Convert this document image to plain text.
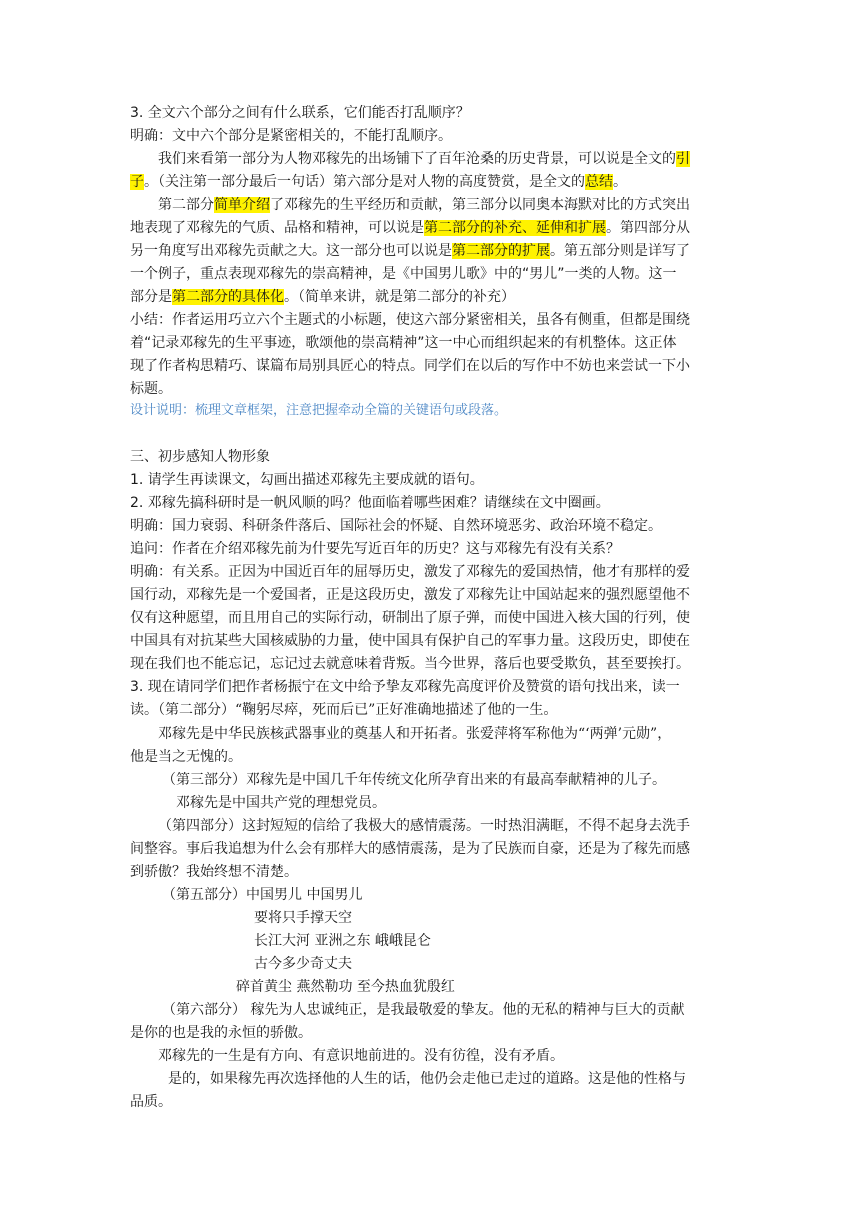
3. 全文六个部分之间有什么联系，它们能否打乱顺序？
明确：文中六个部分是紧密相关的，不能打乱顺序。
我们来看第一部分为人物邓稼先的出场铺下了百年沧桑的历史背景，可以说是全文的引
子。（关注第一部分最后一句话）第六部分是对人物的高度赞赏，是全文的总结。
第二部分简单介绍了邓稼先的生平经历和贡献，第三部分以同奥本海默对比的方式突出
地表现了邓稼先的气质、品格和精神，可以说是第二部分的补充、延伸和扩展。第四部分从
另一角度写出邓稼先贡献之大。这一部分也可以说是第二部分的扩展。第五部分则是详写了
一个例子，重点表现邓稼先的崇高精神，是《中国男儿歌》中的“男儿”一类的人物。这一
部分是第二部分的具体化。（简单来讲，就是第二部分的补充）
小结：作者运用巧立六个主题式的小标题，使这六部分紧密相关，虽各有侧重，但都是围绕
着“记录邓稼先的生平事迹，歌颂他的崇高精神”这一中心而组织起来的有机整体。这正体
现了作者构思精巧、谋篇布局别具匠心的特点。同学们在以后的写作中不妨也来尝试一下小
标题。
设计说明：梳理文章框架，注意把握牵动全篇的关键语句或段落。
三、初步感知人物形象
1. 请学生再读课文，勾画出描述邓稼先主要成就的语句。
2. 邓稼先搞科研时是一帆风顺的吗？他面临着哪些困难？请继续在文中圈画。
明确：国力衰弱、科研条件落后、国际社会的怀疑、自然环境恶劣、政治环境不稳定。
追问：作者在介绍邓稼先前为什要先写近百年的历史？这与邓稼先有没有关系？
明确：有关系。正因为中国近百年的屈辱历史，激发了邓稼先的爱国热情，他才有那样的爱
国行动，邓稼先是一个爱国者，正是这段历史，激发了邓稼先让中国站起来的强烈愿望他不
仅有这种愿望，而且用自己的实际行动，研制出了原子弹，而使中国进入核大国的行列，使
中国具有对抗某些大国核威胁的力量，使中国具有保护自己的军事力量。这段历史，即使在
现在我们也不能忘记，忘记过去就意味着背叛。当今世界，落后也要受欺负，甚至要挨打。
3. 现在请同学们把作者杨振宁在文中给予挚友邓稼先高度评价及赞赏的语句找出来，读一
读。（第二部分）“鞠躬尽瘁，死而后已”正好准确地描述了他的一生。
邓稼先是中华民族核武器事业的奠基人和开拓者。张爱萍将军称他为“‘两弹’元勋”，
他是当之无愧的。
（第三部分）邓稼先是中国几千年传统文化所孕育出来的有最高奉献精神的儿子。
邓稼先是中国共产党的理想党员。
（第四部分）这封短短的信给了我极大的感情震荡。一时热泪满眶，不得不起身去洗手
间整容。事后我追想为什么会有那样大的感情震荡，是为了民族而自豪，还是为了稼先而感
到骄傲？我始终想不清楚。
（第五部分）中国男儿 中国男儿
要将只手撑天空
长江大河 亚洲之东 峨峨昆仑
古今多少奇丈夫
碎首黄尘 燕然勒功 至今热血犹殷红
（第六部分） 稼先为人忠诚纯正，是我最敬爱的挚友。他的无私的精神与巨大的贡献
是你的也是我的永恒的骄傲。
邓稼先的一生是有方向、有意识地前进的。没有彷徨，没有矛盾。
是的，如果稼先再次选择他的人生的话，他仍会走他已走过的道路。这是他的性格与
品质。
